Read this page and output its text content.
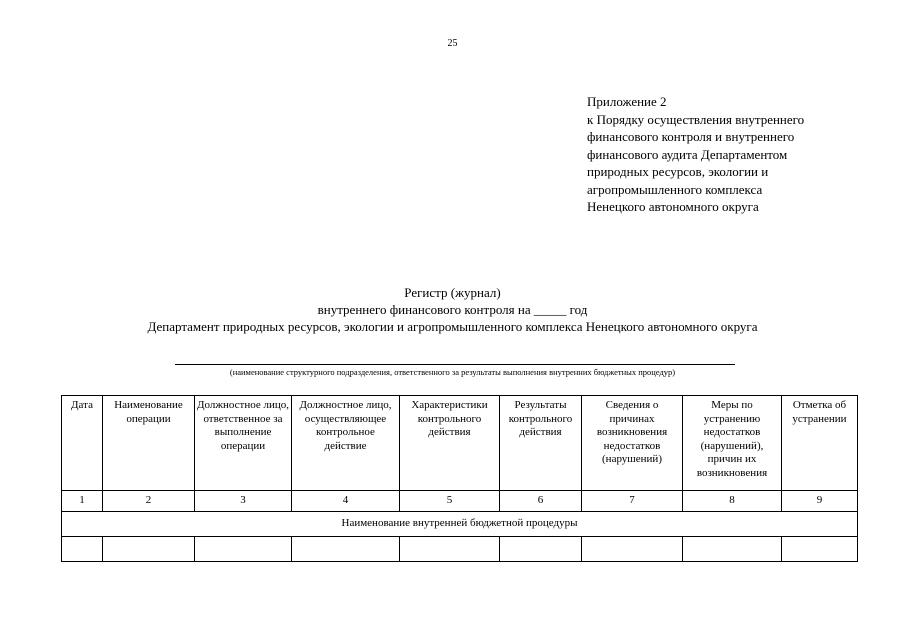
25
Приложение 2
к Порядку осуществления внутреннего
финансового контроля и внутреннего
финансового аудита Департаментом
природных ресурсов, экологии и
агропромышленного комплекса
Ненецкого автономного округа
Регистр (журнал)
внутреннего финансового контроля на _____ год
Департамент природных ресурсов, экологии и агропромышленного комплекса Ненецкого автономного округа
(наименование структурного подразделения, ответственного за результаты выполнения внутренних бюджетных процедур)
Дата	Наименование операции	Должностное лицо, ответственное за выполнение операции	Должностное лицо, осуществляющее контрольное действие	Характеристики контрольного действия	Результаты контрольного действия	Сведения о причинах возникновения недостатков (нарушений)	Меры по устранению недостатков (нарушений), причин их возникновения	Отметка об устранении
1	2	3	4	5	6	7	8	9
Наименование внутренней бюджетной процедуры								
